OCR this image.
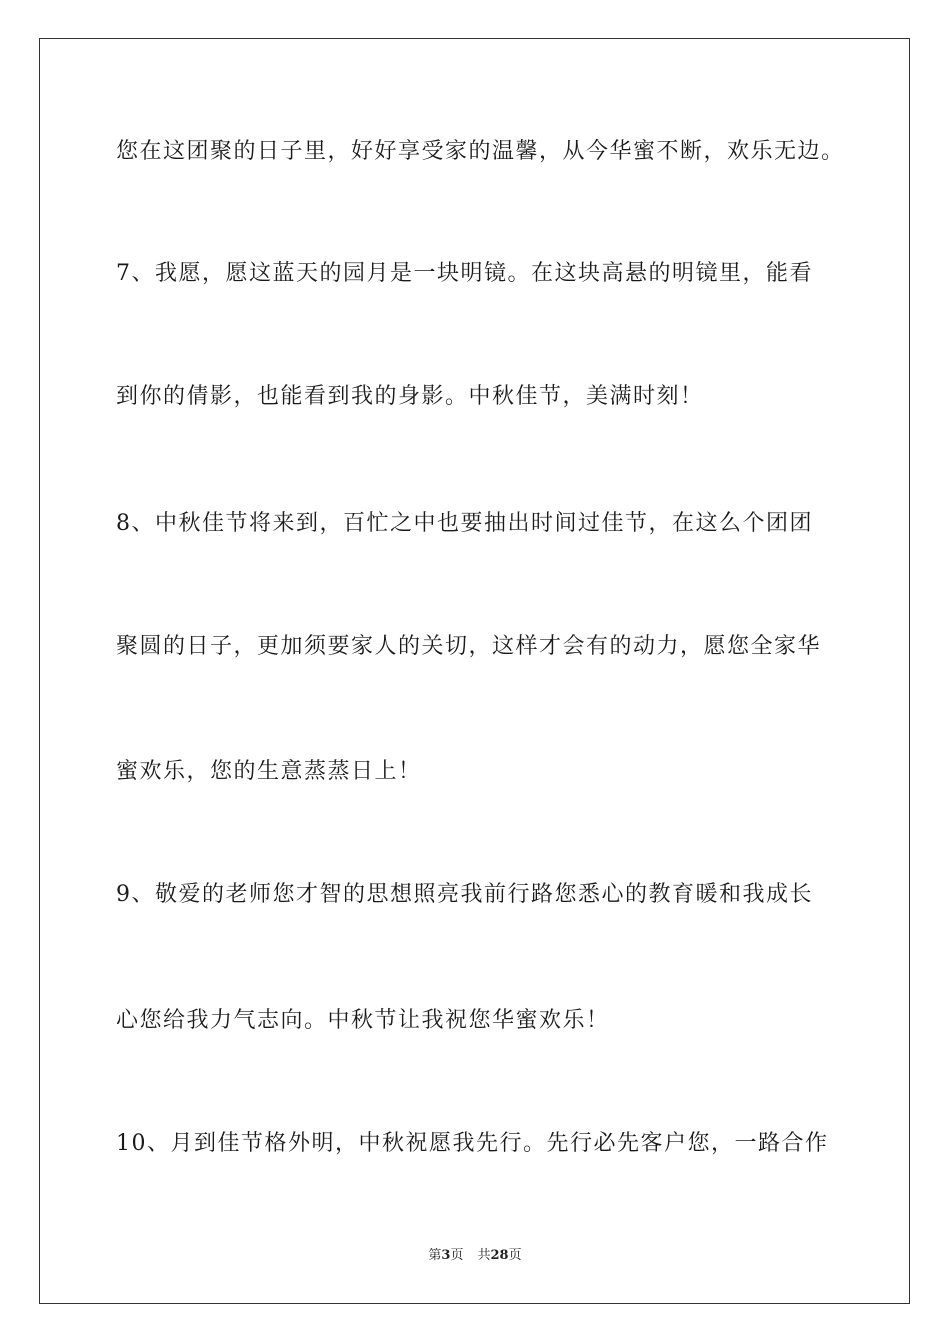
您在这团聚的日子里，好好享受家的温馨，从今华蜜不断，欢乐无边。
7、我愿，愿这蓝天的园月是一块明镜。在这块高悬的明镜里，能看
到你的倩影，也能看到我的身影。中秋佳节，美满时刻！
8、中秋佳节将来到，百忙之中也要抽出时间过佳节，在这么个团团
聚圆的日子，更加须要家人的关切，这样才会有的动力，愿您全家华
蜜欢乐，您的生意蒸蒸日上！
9、敬爱的老师您才智的思想照亮我前行路您悉心的教育暖和我成长
心您给我力气志向。中秋节让我祝您华蜜欢乐！
10、月到佳节格外明，中秋祝愿我先行。先行必先客户您，一路合作
第3页 共28页
